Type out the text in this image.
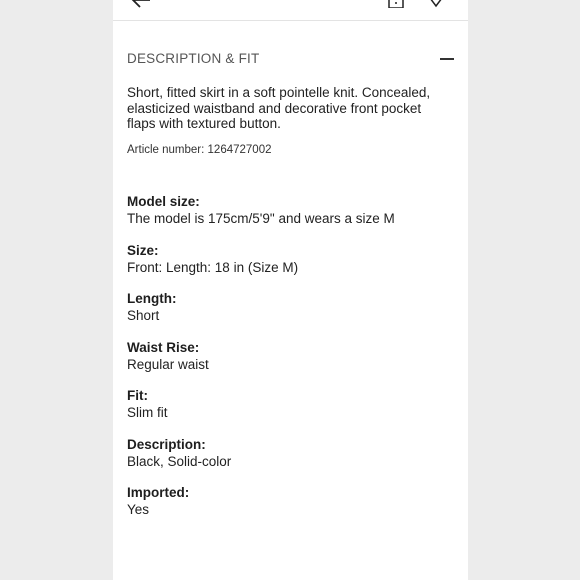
DESCRIPTION & FIT
Short, fitted skirt in a soft pointelle knit. Concealed, elasticized waistband and decorative front pocket flaps with textured button.
Article number: 1264727002
Model size:
The model is 175cm/5'9" and wears a size M
Size:
Front: Length: 18 in (Size M)
Length:
Short
Waist Rise:
Regular waist
Fit:
Slim fit
Description:
Black, Solid-color
Imported:
Yes
